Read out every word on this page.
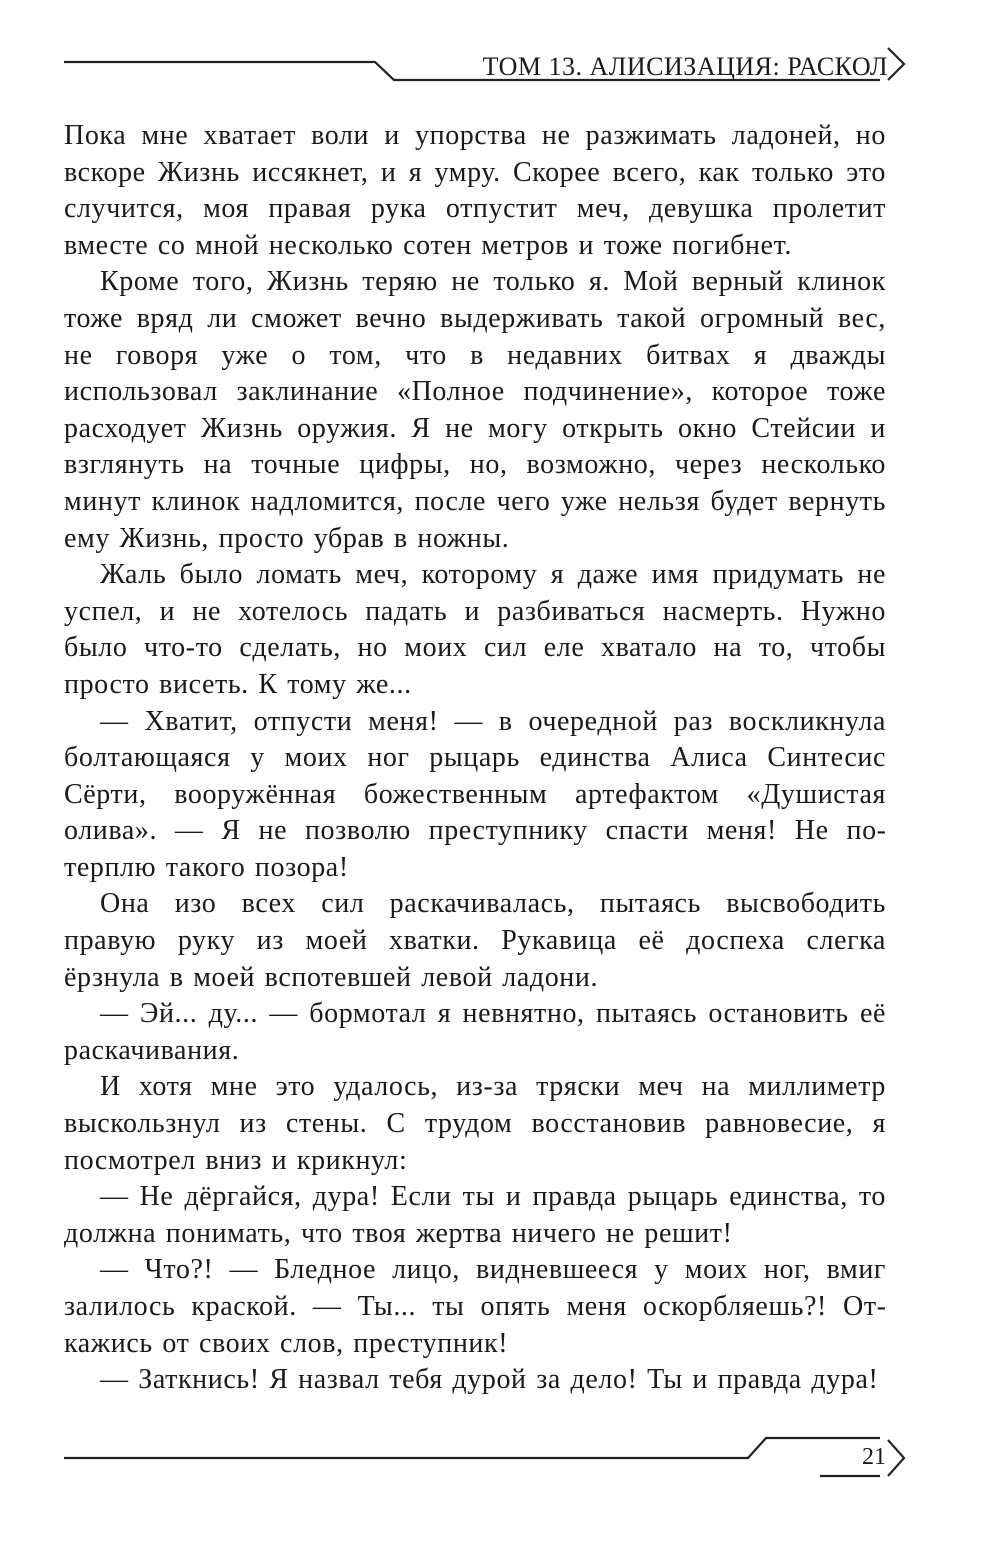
ТОМ 13. АЛИСИЗАЦИЯ: РАСКОЛ

Пока мне хватает воли и упорства не разжимать ладоней, но вскоре Жизнь иссякнет, и я умру. Скорее всего, как только это случится, моя правая рука отпустит меч, девушка пролетит вместе со мной несколько сотен метров и тоже погибнет.

Кроме того, Жизнь теряю не только я. Мой верный клинок тоже вряд ли сможет вечно выдерживать такой огромный вес, не говоря уже о том, что в недавних битвах я дважды использовал заклинание «Полное подчинение», которое тоже расходует Жизнь оружия. Я не могу открыть окно Стейсии и взглянуть на точные цифры, но, возможно, через несколько минут клинок надломится, после чего уже нельзя будет вернуть ему Жизнь, просто убрав в ножны.

Жаль было ломать меч, которому я даже имя придумать не успел, и не хотелось падать и разбиваться насмерть. Нужно было что-то сделать, но моих сил еле хватало на то, чтобы просто висеть. К тому же...

— Хватит, отпусти меня! — в очередной раз воскликнула болтающаяся у моих ног рыцарь единства Алиса Синтесис Сёрти, вооружённая божественным артефактом «Душистая олива». — Я не позволю преступнику спасти меня! Не потерплю такого позора!

Она изо всех сил раскачивалась, пытаясь высвободить правую руку из моей хватки. Рукавица её доспеха слегка ёрзнула в моей вспотевшей левой ладони.

— Эй... ду... — бормотал я невнятно, пытаясь остановить её раскачивания.

И хотя мне это удалось, из-за тряски меч на миллиметр выскользнул из стены. С трудом восстановив равновесие, я посмотрел вниз и крикнул:

— Не дёргайся, дура! Если ты и правда рыцарь единства, то должна понимать, что твоя жертва ничего не решит!

— Что?! — Бледное лицо, видневшееся у моих ног, вмиг залилось краской. — Ты... ты опять меня оскорбляешь?! Откажись от своих слов, преступник!

— Заткнись! Я назвал тебя дурой за дело! Ты и правда дура!

21
